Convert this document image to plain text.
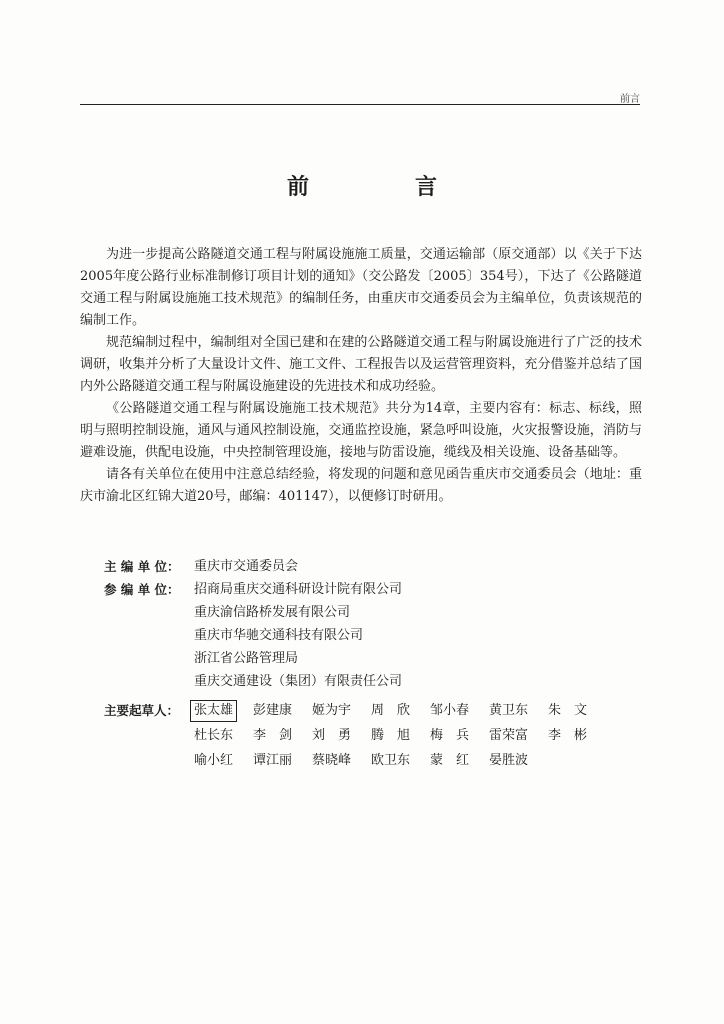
前言
前　言

为进一步提高公路隧道交通工程与附属设施施工质量，交通运输部（原交通部）以《关于下达2005年度公路行业标准制修订项目计划的通知》（交公路发〔2005〕354号），下达了《公路隧道交通工程与附属设施施工技术规范》的编制任务，由重庆市交通委员会为主编单位，负责该规范的编制工作。

规范编制过程中，编制组对全国已建和在建的公路隧道交通工程与附属设施进行了广泛的技术调研，收集并分析了大量设计文件、施工文件、工程报告以及运营管理资料，充分借鉴并总结了国内外公路隧道交通工程与附属设施建设的先进技术和成功经验。

《公路隧道交通工程与附属设施施工技术规范》共分为14章，主要内容有：标志、标线，照明与照明控制设施，通风与通风控制设施，交通监控设施，紧急呼叫设施，火灾报警设施，消防与避难设施，供配电设施，中央控制管理设施，接地与防雷设施，缆线及相关设施、设备基础等。

请各有关单位在使用中注意总结经验，将发现的问题和意见函告重庆市交通委员会（地址：重庆市渝北区红锦大道20号，邮编：401147），以便修订时研用。

主 编 单 位：	重庆市交通委员会
参 编 单 位：	招商局重庆交通科研设计院有限公司
重庆渝信路桥发展有限公司
重庆市华驰交通科技有限公司
浙江省公路管理局
重庆交通建设（集团）有限责任公司
主要起草人：	张太雄	彭建康	姬为宇	周　欣	邹小春	黄卫东	朱　文
杜长东	李　剑	刘　勇	腾　旭	梅　兵	雷荣富	李　彬
喻小红	谭江丽	蔡晓峰	欧卫东	蒙　红	晏胜波
